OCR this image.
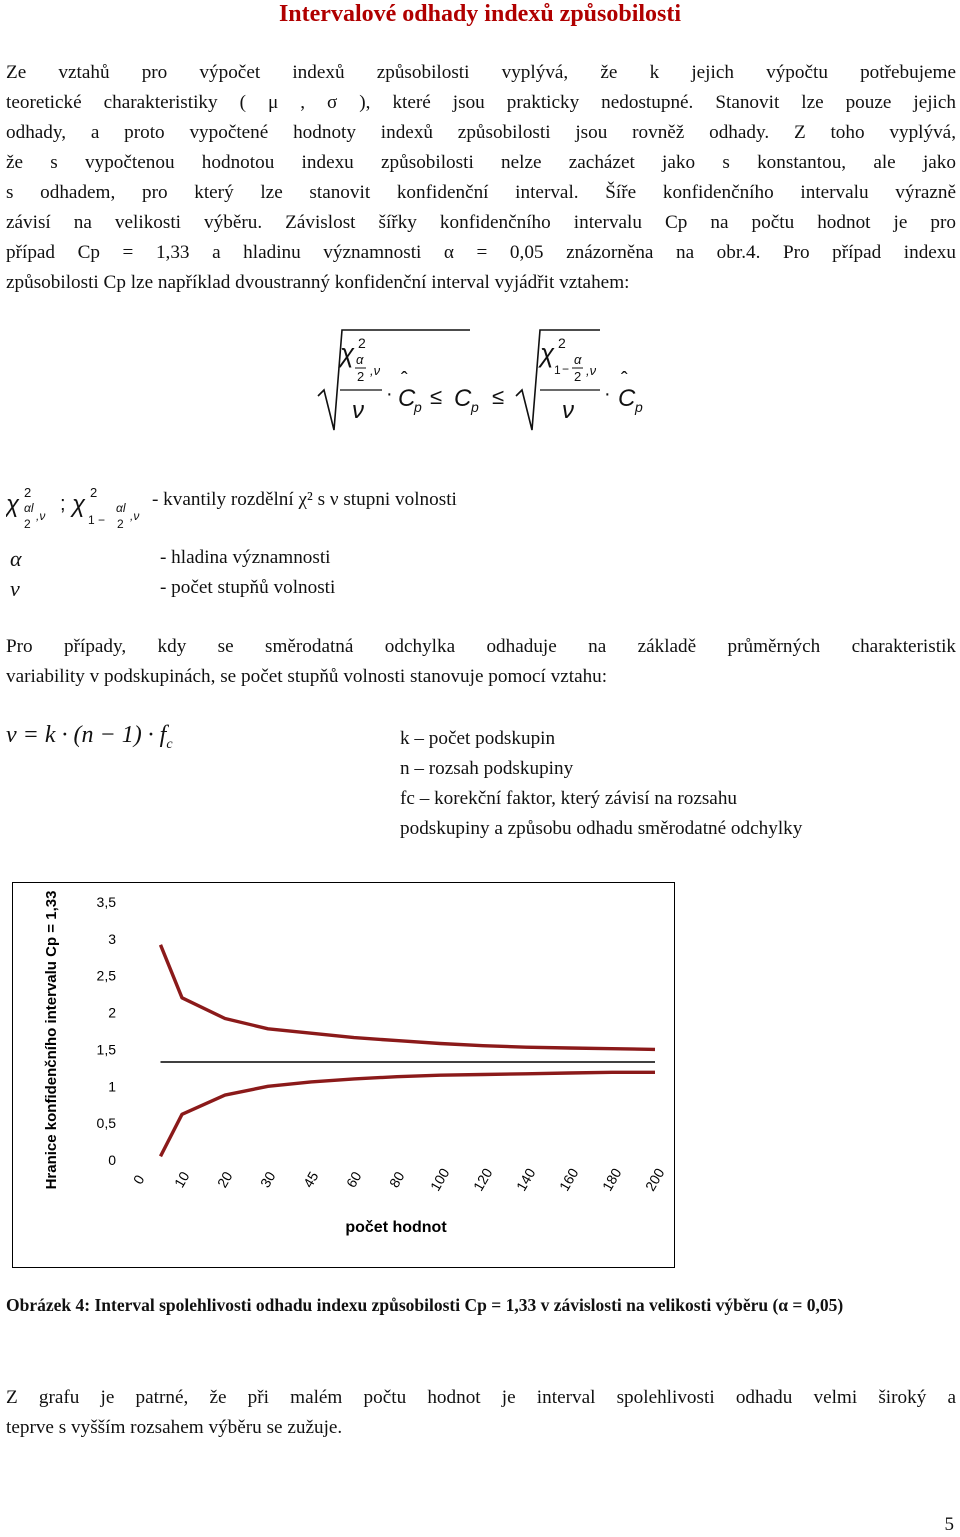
Intervalové odhady indexů způsobilosti
Ze vztahů pro výpočet indexů způsobilosti vyplývá, že k jejich výpočtu potřebujeme
teoretické charakteristiky ( μ , σ ), které jsou prakticky nedostupné. Stanovit lze pouze jejich
odhady, a proto vypočtené hodnoty indexů způsobilosti jsou rovněž odhady. Z toho vyplývá,
že s vypočtenou hodnotou indexu způsobilosti nelze zacházet jako s konstantou, ale jako
s odhadem, pro který lze stanovit konfidenční interval. Šíře konfidenčního intervalu výrazně
závisí na velikosti výběru. Závislost šířky konfidenčního intervalu Cp na počtu hodnot je pro
případ Cp = 1,33 a hladinu významnosti α = 0,05 znázorněna na obr.4. Pro případ indexu
způsobilosti Cp lze například dvoustranný konfidenční interval vyjádřit vztahem:
χ 2
α
2 ,ν
ν
· C
ˆ
p ≤ C p ≤
χ 2
1 −
α
2 ,ν
ν
· C
ˆ
p
χ 2
αl
2
,ν
; χ 2
1 −
αl
2
,ν
- kvantily rozdělní χ² s ν stupni volnosti
α	- hladina významnosti
ν	- počet stupňů volnosti
Pro případy, kdy se směrodatná odchylka odhaduje na základě průměrných charakteristik
variability v podskupinách, se počet stupňů volnosti stanovuje pomocí vztahu:
$\nu = k \cdot (n - 1) \cdot f_c$	k – počet podskupin
n – rozsah podskupiny
fc – korekční faktor, který závisí na rozsahu
podskupiny a způsobu odhadu směrodatné odchylky
Hranice konfidenčního intervalu Cp = 1,33	0
0,5
1
1,5
2
2,5
3
3,5
0 10 20 30 45 60 80 100 120 140 160 180 200
počet hodnot
Obrázek 4: Interval spolehlivosti odhadu indexu způsobilosti Cp = 1,33 v závislosti na velikosti výběru (α = 0,05)
Z grafu je patrné, že při malém počtu hodnot je interval spolehlivosti odhadu velmi široký a
teprve s vyšším rozsahem výběru se zužuje.
5
